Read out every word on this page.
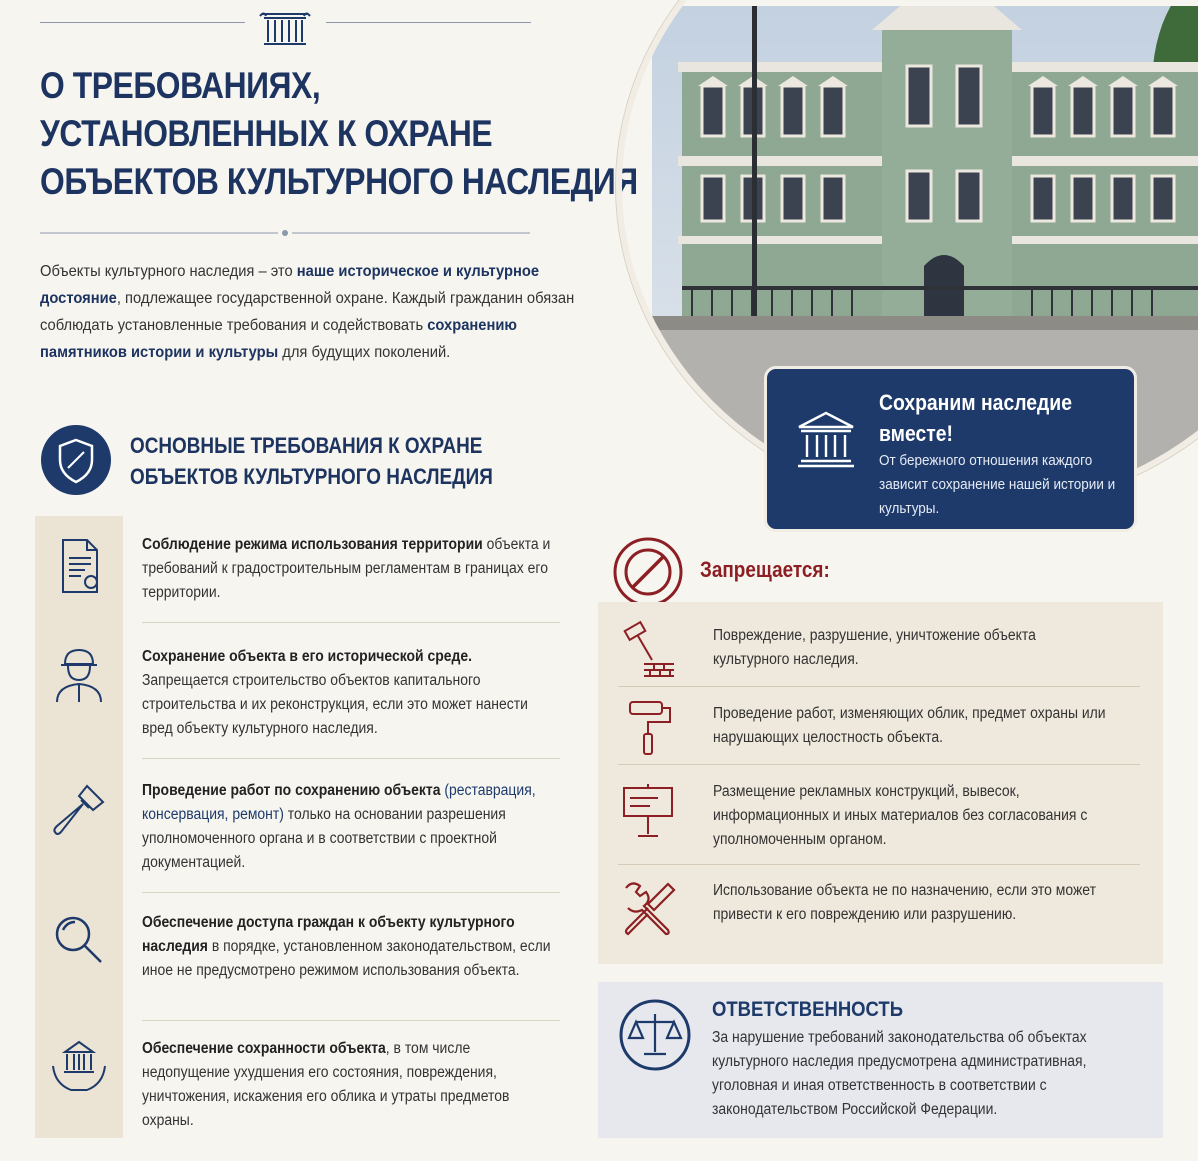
О ТРЕБОВАНИЯХ,
УСТАНОВЛЕННЫХ К ОХРАНЕ
ОБЪЕКТОВ КУЛЬТУРНОГО НАСЛЕДИЯ
Объекты культурного наследия – это наше историческое и культурное достояние, подлежащее государственной охране. Каждый гражданин обязан соблюдать установленные требования и содействовать сохранению памятников истории и культуры для будущих поколений.
Сохраним наследие вместе!
От бережного отношения каждого зависит сохранение нашей истории и культуры.
ОСНОВНЫЕ ТРЕБОВАНИЯ К ОХРАНЕ ОБЪЕКТОВ КУЛЬТУРНОГО НАСЛЕДИЯ
Соблюдение режима использования территории объекта и требований к градостроительным регламентам в границах его территории.
Сохранение объекта в его исторической среде. Запрещается строительство объектов капитального строительства и их реконструкция, если это может нанести вред объекту культурного наследия.
Проведение работ по сохранению объекта (реставрация, консервация, ремонт) только на основании разрешения уполномоченного органа и в соответствии с проектной документацией.
Обеспечение доступа граждан к объекту культурного наследия в порядке, установленном законодательством, если иное не предусмотрено режимом использования объекта.
Обеспечение сохранности объекта, в том числе недопущение ухудшения его состояния, повреждения, уничтожения, искажения его облика и утраты предметов охраны.
Запрещается:
Повреждение, разрушение, уничтожение объекта культурного наследия.
Проведение работ, изменяющих облик, предмет охраны или нарушающих целостность объекта.
Размещение рекламных конструкций, вывесок, информационных и иных материалов без согласования с уполномоченным органом.
Использование объекта не по назначению, если это может привести к его повреждению или разрушению.
ОТВЕТСТВЕННОСТЬ
За нарушение требований законодательства об объектах культурного наследия предусмотрена административная, уголовная и иная ответственность в соответствии с законодательством Российской Федерации.
